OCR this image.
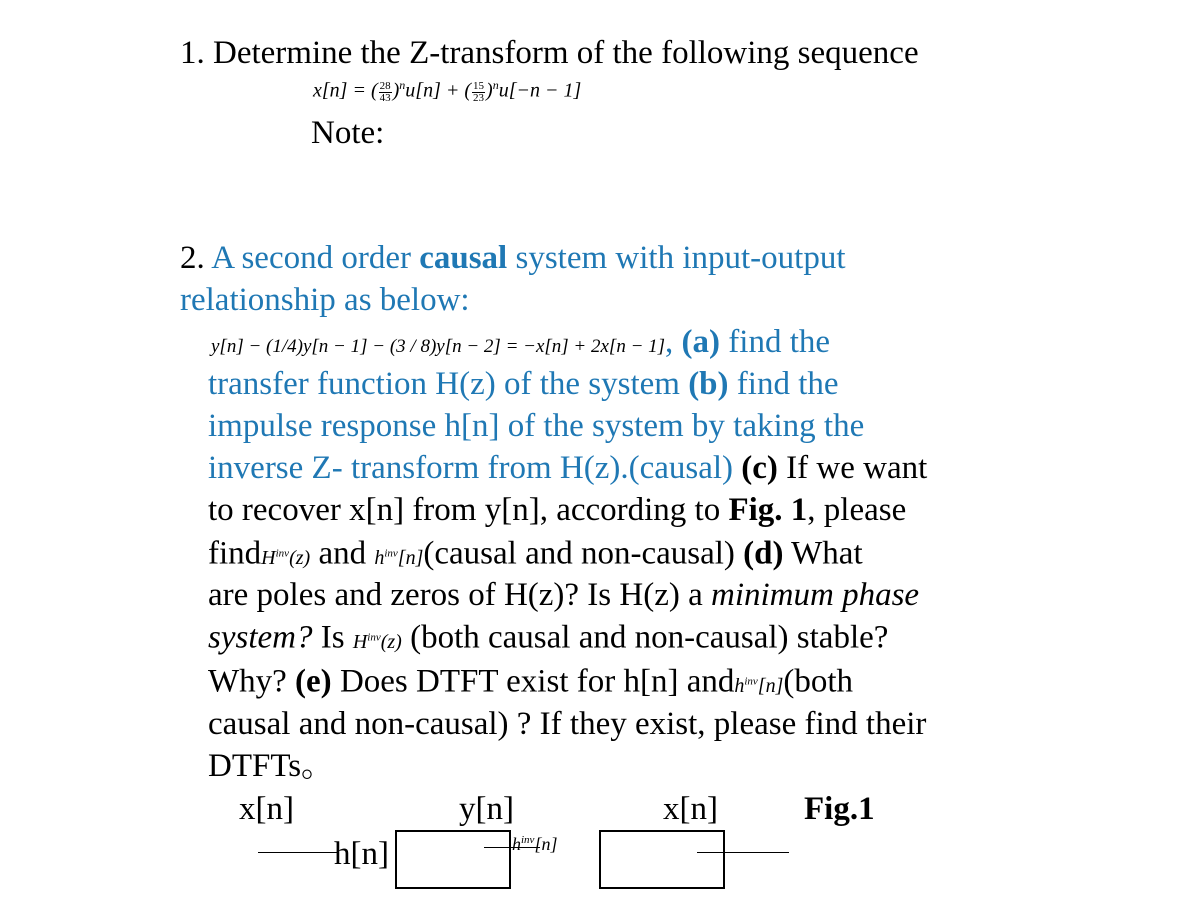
1. Determine the Z-transform of the following sequence
x[n] = ( $\frac{28}{43} )^nu[n]$ + ( $\frac{15}{23} )^nu[-n - 1]$
Note:
2. A second order causal system with input-output
relationship as below:
y[n] − (1/4)y[n − 1] − (3 / 8)y[n − 2] = −x[n] + 2x[n − 1], (a) find the
transfer function H(z) of the system (b) find the
impulse response h[n] of the system by taking the
inverse Z- transform from H(z).(causal) (c) If we want
to recover x[n] from y[n], according to Fig. 1, please
findH$^{inv}$(z) and $h^{inv}[n](causal$ and non-causal) (d) What
are poles and zeros of H(z)? Is H(z) a minimum phase
system? Is $H^{inv}(z)$ (both causal and non-causal) stable?
Why? (e) Does DTFT exist for h[n] andh$^{inv}$[n](both
causal and non-causal) ? If they exist, please find their
DTFTs。
x[n]	y[n]	x[n]	Fig.1
h[n]	$h^{inv}[n]$
